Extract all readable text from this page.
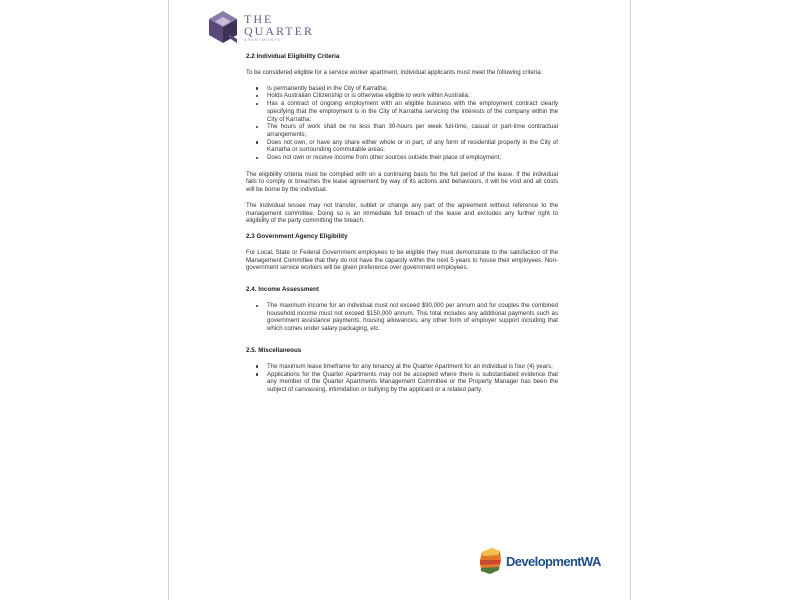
THE
QUARTER
APARTMENTS
2.2 Individual Eligibility Criteria

To be considered eligible for a service worker apartment, individual applicants must meet the following criteria:

Is permanently based in the City of Karratha;
Holds Australian Citizenship or is otherwise eligible to work within Australia;
Has a contract of ongoing employment with an eligible business with the employment contract clearly specifying that the employment is in the City of Karratha servicing the interests of the company within the City of Karratha;
The hours of work shall be no less than 30-hours per week full-time, casual or part-time contractual arrangements;
Does not own, or have any share either whole or in part, of any form of residential property in the City of Karratha or surrounding commutable areas;
Does not own or receive income from other sources outside their place of employment;

The eligibility criteria must be complied with on a continuing basis for the full period of the lease. If the individual fails to comply or breaches the lease agreement by way of its actions and behaviours, it will be void and all costs will be borne by the individual.

The individual lessee may not transfer, sublet or change any part of the agreement without reference to the management committee. Doing so is an immediate full breach of the lease and excludes any further right to eligibility of the party committing the breach.

2.3 Government Agency Eligibility

For Local, State or Federal Government employees to be eligible they must demonstrate to the satisfaction of the Management Committee that they do not have the capacity within the next 5 years to house their employees. Non-government service workers will be given preference over government employees.

2.4. Income Assessment
The maximum income for an individual must not exceed $90,000 per annum and for couples the combined household income must not exceed $150,000 annum. This total includes any additional payments such as government assistance payments, housing allowances, any other form of employer support including that which comes under salary packaging, etc.
2.5. Miscellaneous
The maximum lease timeframe for any tenancy at the Quarter Apartment for an individual is four (4) years;
Applications for the Quarter Apartments may not be accepted where there is substantiated evidence that any member of the Quarter Apartments Management Committee or the Property Manager has been the subject of canvassing, intimidation or bullying by the applicant or a related party.
DevelopmentWA
